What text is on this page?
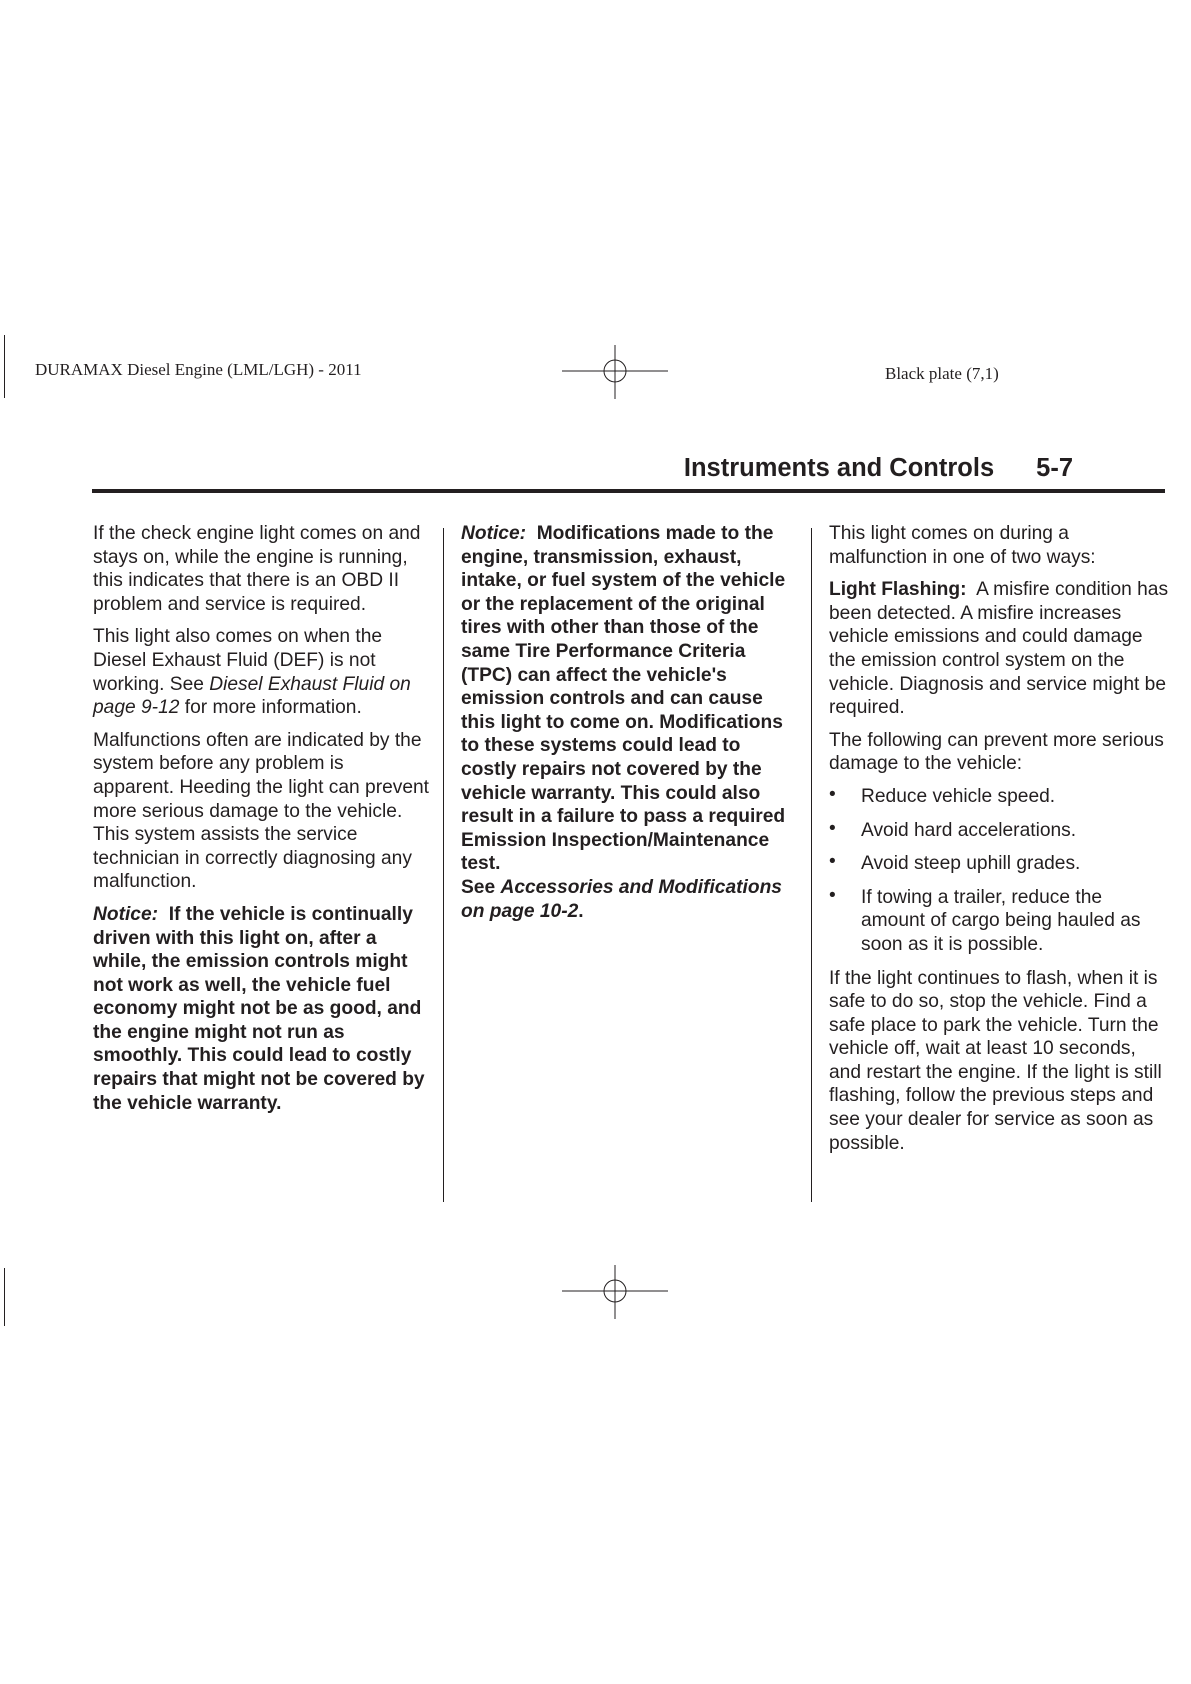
DURAMAX Diesel Engine (LML/LGH) - 2011	Black plate (7,1)
Instruments and Controls 5-7

If the check engine light comes on and stays on, while the engine is running, this indicates that there is an OBD II problem and service is required.

This light also comes on when the Diesel Exhaust Fluid (DEF) is not working. See Diesel Exhaust Fluid on page 9-12 for more information.

Malfunctions often are indicated by the system before any problem is apparent. Heeding the light can prevent more serious damage to the vehicle. This system assists the service technician in correctly diagnosing any malfunction.

Notice: If the vehicle is continually driven with this light on, after a while, the emission controls might not work as well, the vehicle fuel economy might not be as good, and the engine might not run as smoothly. This could lead to costly repairs that might not be covered by the vehicle warranty.

Notice: Modifications made to the engine, transmission, exhaust, intake, or fuel system of the vehicle or the replacement of the original tires with other than those of the same Tire Performance Criteria (TPC) can affect the vehicle's emission controls and can cause this light to come on. Modifications to these systems could lead to costly repairs not covered by the vehicle warranty. This could also result in a failure to pass a required Emission Inspection/Maintenance test.
See Accessories and Modifications on page 10-2.

This light comes on during a malfunction in one of two ways:

Light Flashing: A misfire condition has been detected. A misfire increases vehicle emissions and could damage the emission control system on the vehicle. Diagnosis and service might be required.

The following can prevent more serious damage to the vehicle:

• Reduce vehicle speed.
• Avoid hard accelerations.
• Avoid steep uphill grades.
• If towing a trailer, reduce the amount of cargo being hauled as soon as it is possible.

If the light continues to flash, when it is safe to do so, stop the vehicle. Find a safe place to park the vehicle. Turn the vehicle off, wait at least 10 seconds, and restart the engine. If the light is still flashing, follow the previous steps and see your dealer for service as soon as possible.
